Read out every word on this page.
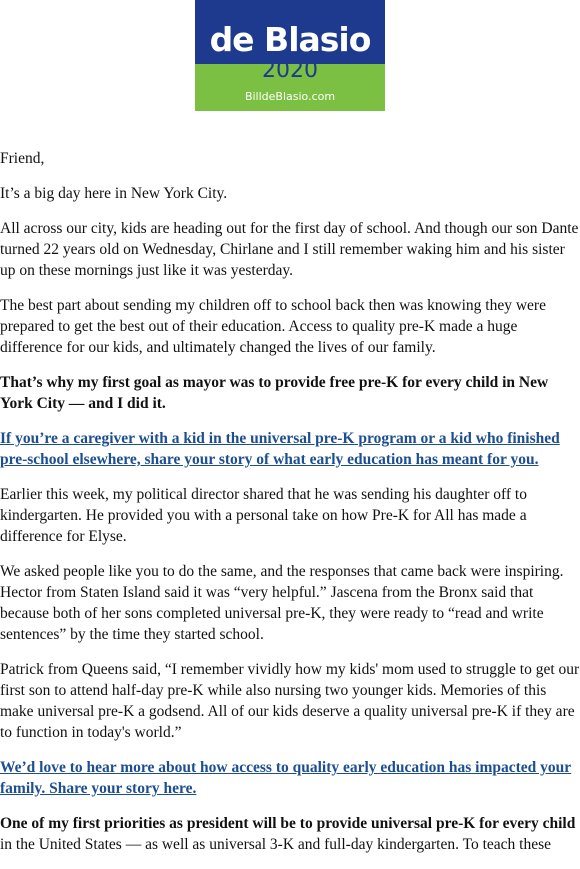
de Blasio
2020
BilldeBlasio.com

Friend,

It’s a big day here in New York City.

All across our city, kids are heading out for the first day of school. And though our son Dante turned 22 years old on Wednesday, Chirlane and I still remember waking him and his sister up on these mornings just like it was yesterday.

The best part about sending my children off to school back then was knowing they were prepared to get the best out of their education. Access to quality pre-K made a huge difference for our kids, and ultimately changed the lives of our family.

That’s why my first goal as mayor was to provide free pre-K for every child in New York City — and I did it.

If you’re a caregiver with a kid in the universal pre-K program or a kid who finished pre-school elsewhere, share your story of what early education has meant for you.

Earlier this week, my political director shared that he was sending his daughter off to kindergarten. He provided you with a personal take on how Pre-K for All has made a difference for Elyse.

We asked people like you to do the same, and the responses that came back were inspiring. Hector from Staten Island said it was “very helpful.” Jascena from the Bronx said that because both of her sons completed universal pre-K, they were ready to “read and write sentences” by the time they started school.

Patrick from Queens said, “I remember vividly how my kids' mom used to struggle to get our first son to attend half-day pre-K while also nursing two younger kids. Memories of this make universal pre-K a godsend. All of our kids deserve a quality universal pre-K if they are to function in today's world.”

We’d love to hear more about how access to quality early education has impacted your family. Share your story here.

One of my first priorities as president will be to provide universal pre-K for every child in the United States — as well as universal 3-K and full-day kindergarten. To teach these
